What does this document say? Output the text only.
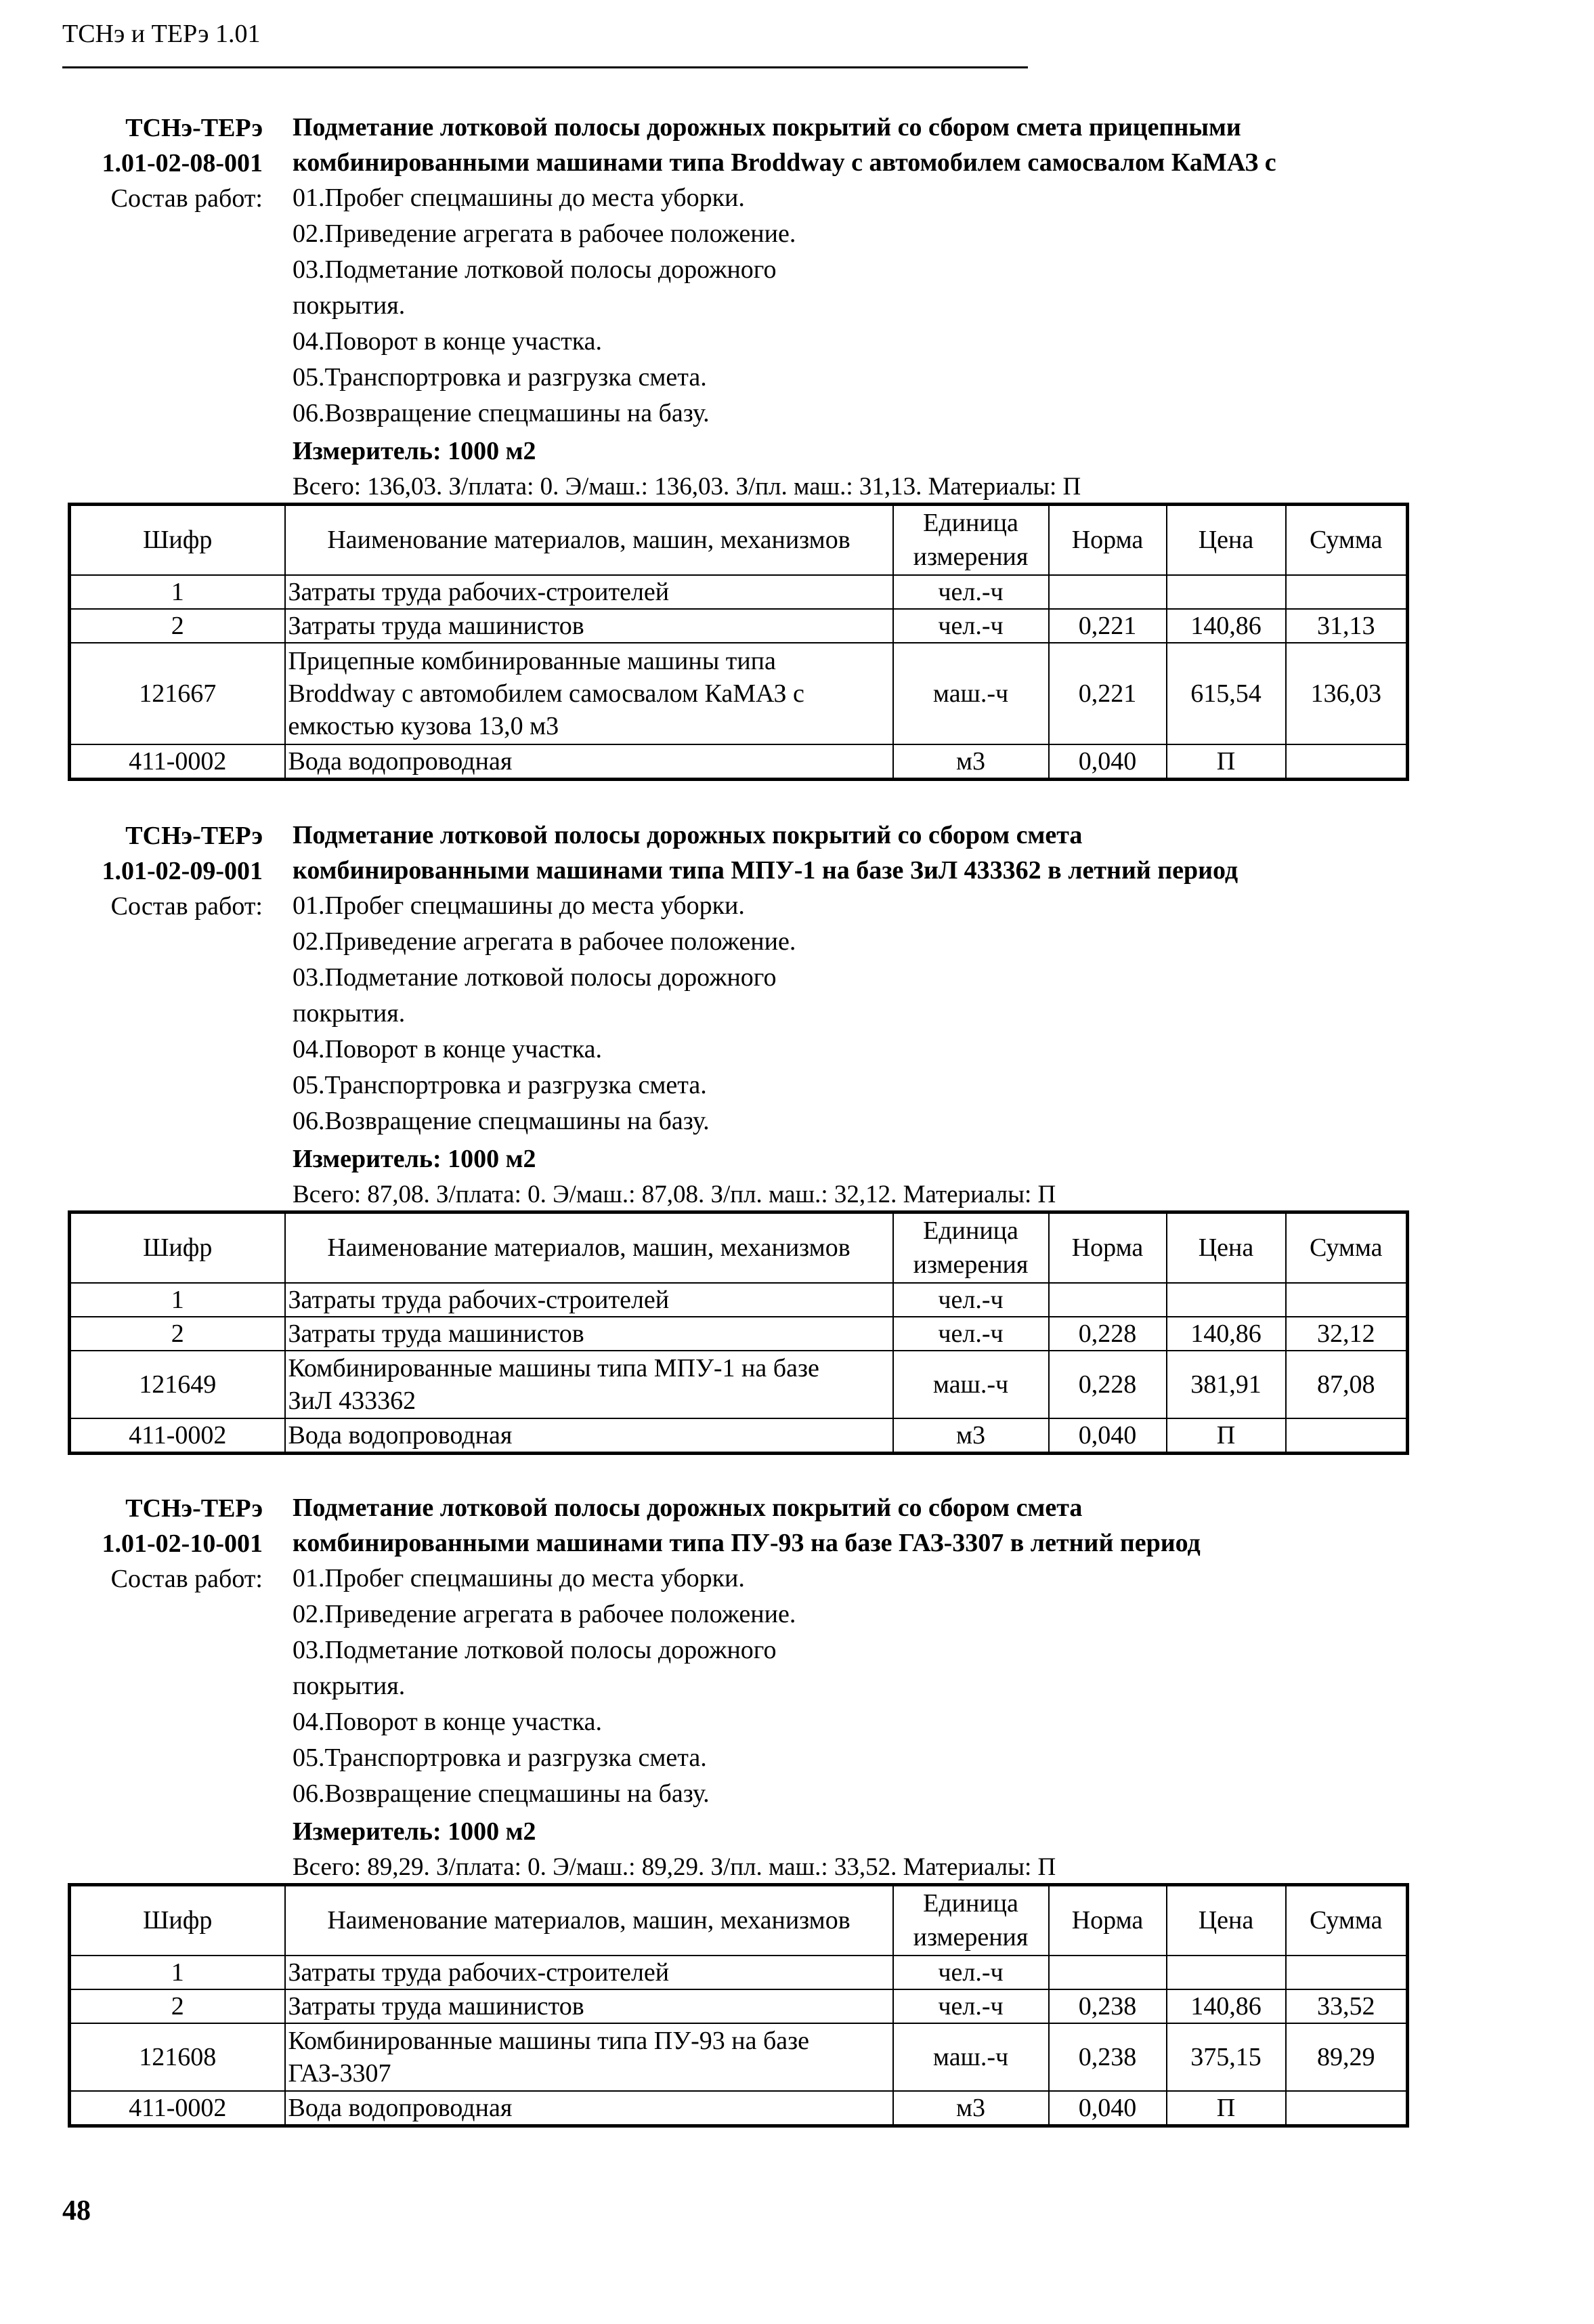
ТСНэ и ТЕРэ 1.01
ТСНэ-ТЕРэ
1.01-02-08-001
Состав работ:
Подметание лотковой полосы дорожных покрытий со сбором смета прицепными
комбинированными машинами типа Broddway с автомобилем самосвалом КаМАЗ с
01.Пробег спецмашины до места уборки.
02.Приведение агрегата в рабочее положение.
03.Подметание лотковой полосы дорожного
покрытия.
04.Поворот в конце участка.
05.Транспортровка и разгрузка смета.
06.Возвращение спецмашины на базу.
Измеритель: 1000 м2
Всего: 136,03. З/плата: 0. Э/маш.: 136,03. З/пл. маш.: 31,13. Материалы: П
Шифр	Наименование материалов, машин, механизмов	Единица измерения	Норма	Цена	Сумма
1	Затраты труда рабочих-строителей	чел.-ч			
2	Затраты труда машинистов	чел.-ч	0,221	140,86	31,13
121667	Прицепные комбинированные машины типа
Broddway с автомобилем самосвалом КаМАЗ с
емкостью кузова 13,0 м3	маш.-ч	0,221	615,54	136,03
411-0002	Вода водопроводная	м3	0,040	П	
ТСНэ-ТЕРэ
1.01-02-09-001
Состав работ:
Подметание лотковой полосы дорожных покрытий со сбором смета
комбинированными машинами типа МПУ-1 на базе ЗиЛ 433362 в летний период
01.Пробег спецмашины до места уборки.
02.Приведение агрегата в рабочее положение.
03.Подметание лотковой полосы дорожного
покрытия.
04.Поворот в конце участка.
05.Транспортровка и разгрузка смета.
06.Возвращение спецмашины на базу.
Измеритель: 1000 м2
Всего: 87,08. З/плата: 0. Э/маш.: 87,08. З/пл. маш.: 32,12. Материалы: П
Шифр	Наименование материалов, машин, механизмов	Единица измерения	Норма	Цена	Сумма
1	Затраты труда рабочих-строителей	чел.-ч			
2	Затраты труда машинистов	чел.-ч	0,228	140,86	32,12
121649	Комбинированные машины типа МПУ-1 на базе
ЗиЛ 433362	маш.-ч	0,228	381,91	87,08
411-0002	Вода водопроводная	м3	0,040	П	
ТСНэ-ТЕРэ
1.01-02-10-001
Состав работ:
Подметание лотковой полосы дорожных покрытий со сбором смета
комбинированными машинами типа ПУ-93 на базе ГАЗ-3307 в летний период
01.Пробег спецмашины до места уборки.
02.Приведение агрегата в рабочее положение.
03.Подметание лотковой полосы дорожного
покрытия.
04.Поворот в конце участка.
05.Транспортровка и разгрузка смета.
06.Возвращение спецмашины на базу.
Измеритель: 1000 м2
Всего: 89,29. З/плата: 0. Э/маш.: 89,29. З/пл. маш.: 33,52. Материалы: П
Шифр	Наименование материалов, машин, механизмов	Единица измерения	Норма	Цена	Сумма
1	Затраты труда рабочих-строителей	чел.-ч			
2	Затраты труда машинистов	чел.-ч	0,238	140,86	33,52
121608	Комбинированные машины типа ПУ-93 на базе
ГАЗ-3307	маш.-ч	0,238	375,15	89,29
411-0002	Вода водопроводная	м3	0,040	П	
48
